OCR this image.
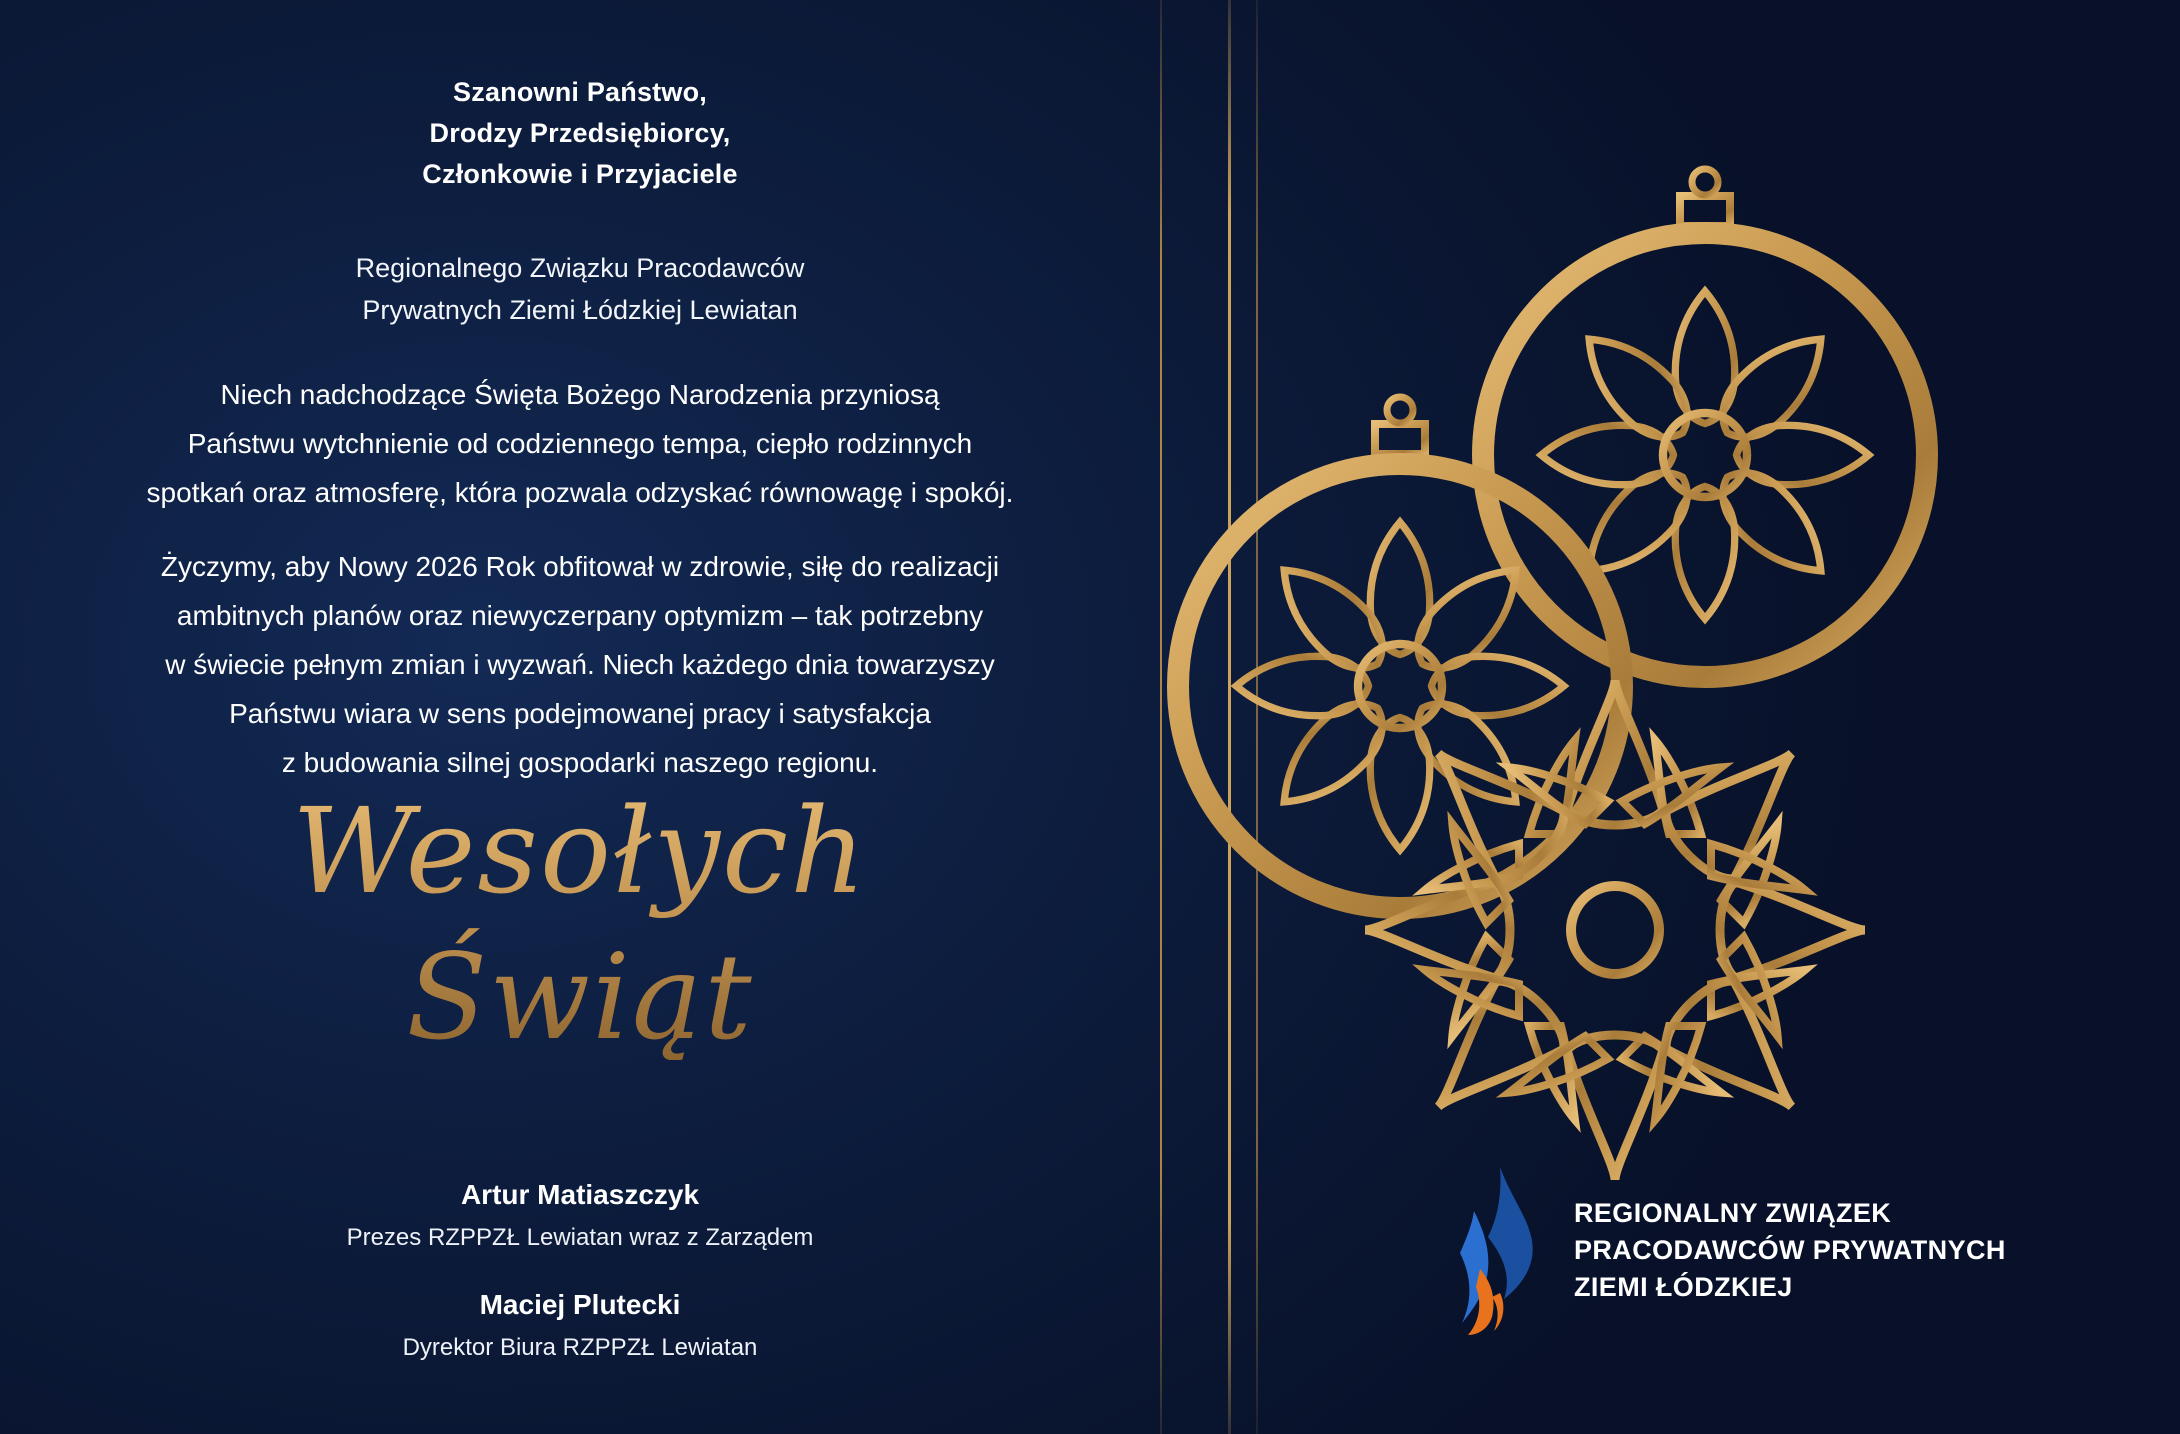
Szanowni Państwo,
Drodzy Przedsiębiorcy,
Członkowie i Przyjaciele
Regionalnego Związku Pracodawców
Prywatnych Ziemi Łódzkiej Lewiatan
Niech nadchodzące Święta Bożego Narodzenia przyniosą
Państwu wytchnienie od codziennego tempa, ciepło rodzinnych
spotkań oraz atmosferę, która pozwala odzyskać równowagę i spokój.
Życzymy, aby Nowy 2026 Rok obfitował w zdrowie, siłę do realizacji
ambitnych planów oraz niewyczerpany optymizm – tak potrzebny
w świecie pełnym zmian i wyzwań. Niech każdego dnia towarzyszy
Państwu wiara w sens podejmowanej pracy i satysfakcja
z budowania silnej gospodarki naszego regionu.
Wesołych
Świąt
Artur Matiaszczyk
Prezes RZPPZŁ Lewiatan wraz z Zarządem
Maciej Plutecki
Dyrektor Biura RZPPZŁ Lewiatan
REGIONALNY ZWIĄZEK
PRACODAWCÓW PRYWATNYCH
ZIEMI ŁÓDZKIEJ
